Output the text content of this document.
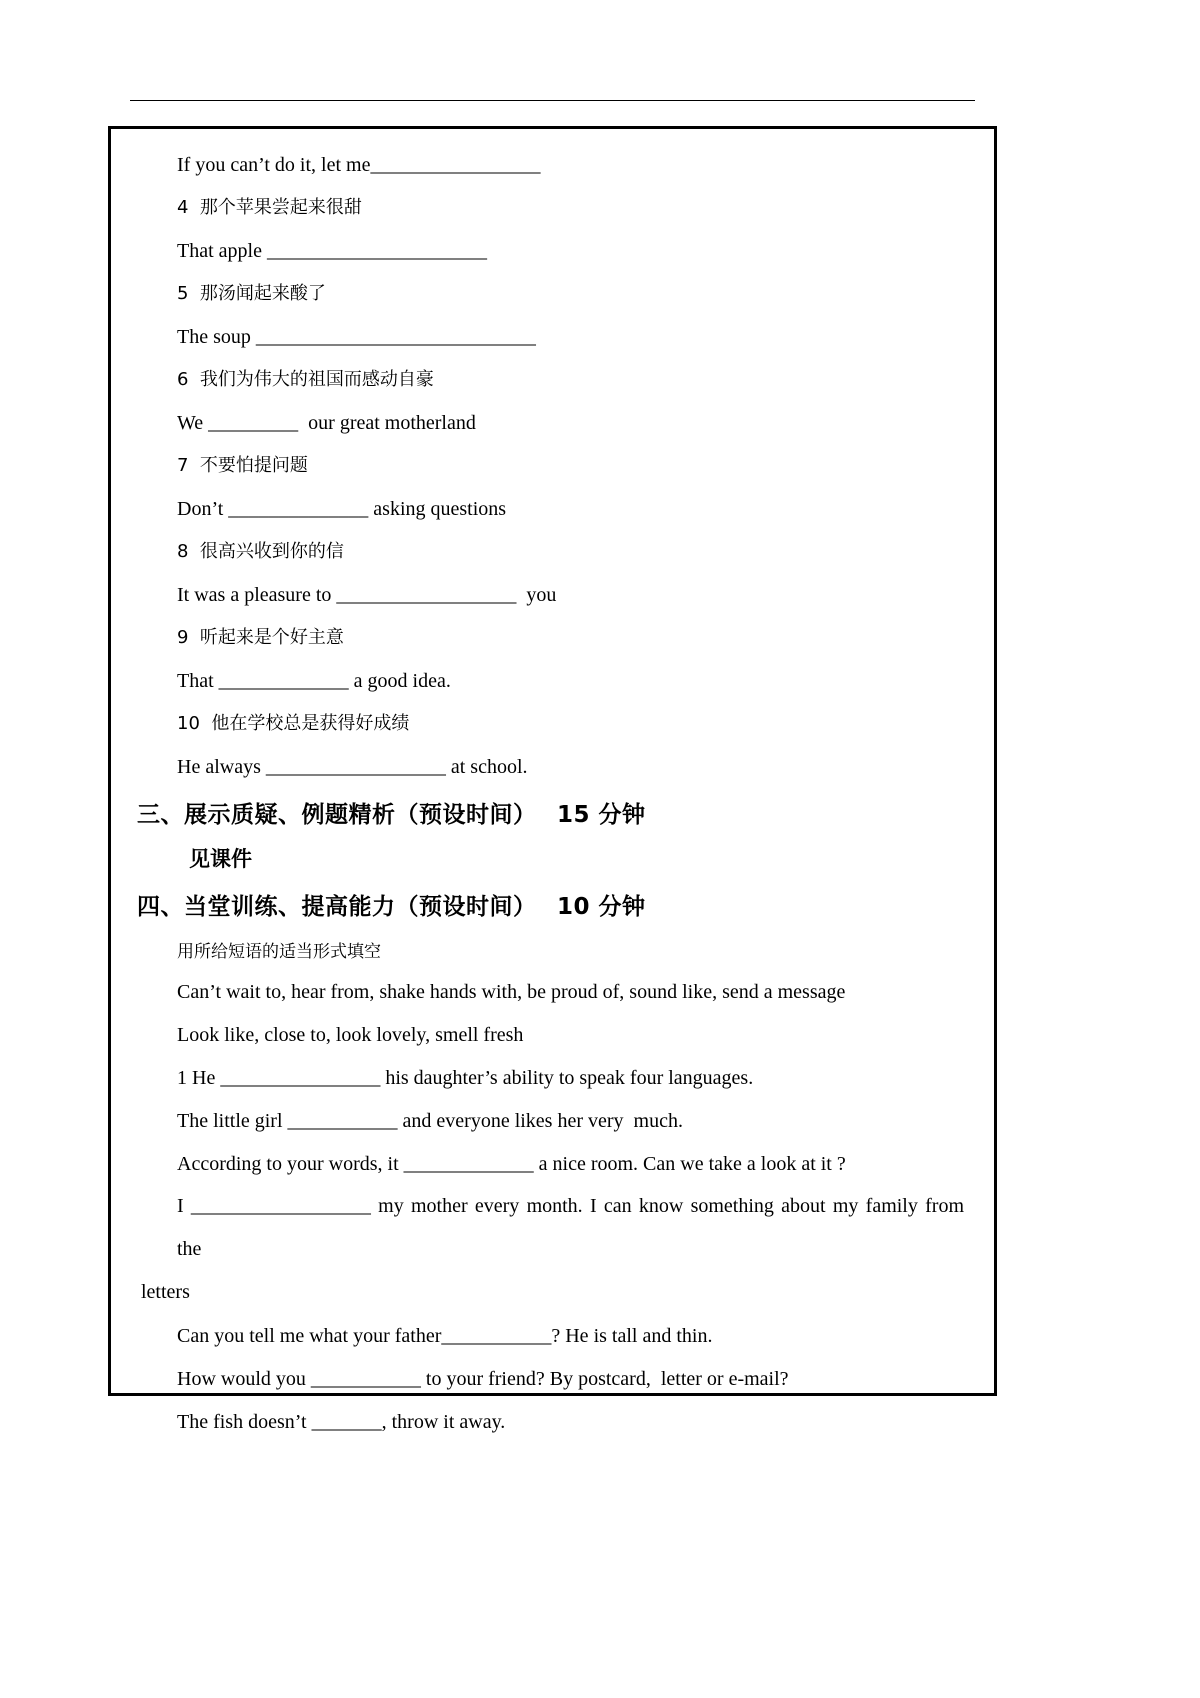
If you can’t do it, let me_________________
4  那个苹果尝起来很甜
That apple ______________________
5  那汤闻起来酸了
The soup ____________________________
6  我们为伟大的祖国而感动自豪
We _________  our great motherland
7  不要怕提问题
Don’t ______________ asking questions
8  很高兴收到你的信
It was a pleasure to __________________  you
9  听起来是个好主意
That _____________ a good idea.
10  他在学校总是获得好成绩
He always __________________ at school.
三、展示质疑、例题精析（预设时间）　 15 分钟
见课件
四、当堂训练、提高能力（预设时间）　 10 分钟
用所给短语的适当形式填空
Can’t wait to, hear from, shake hands with, be proud of, sound like, send a message
Look like, close to, look lovely, smell fresh
1 He ________________ his daughter’s ability to speak four languages.
The little girl ___________ and everyone likes her very  much.
According to your words, it _____________ a nice room. Can we take a look at it ?
I __________________ my mother every month. I can know something about my family from the
letters
Can you tell me what your father___________? He is tall and thin.
How would you ___________ to your friend? By postcard,  letter or e-mail?
The fish doesn’t _______, throw it away.
